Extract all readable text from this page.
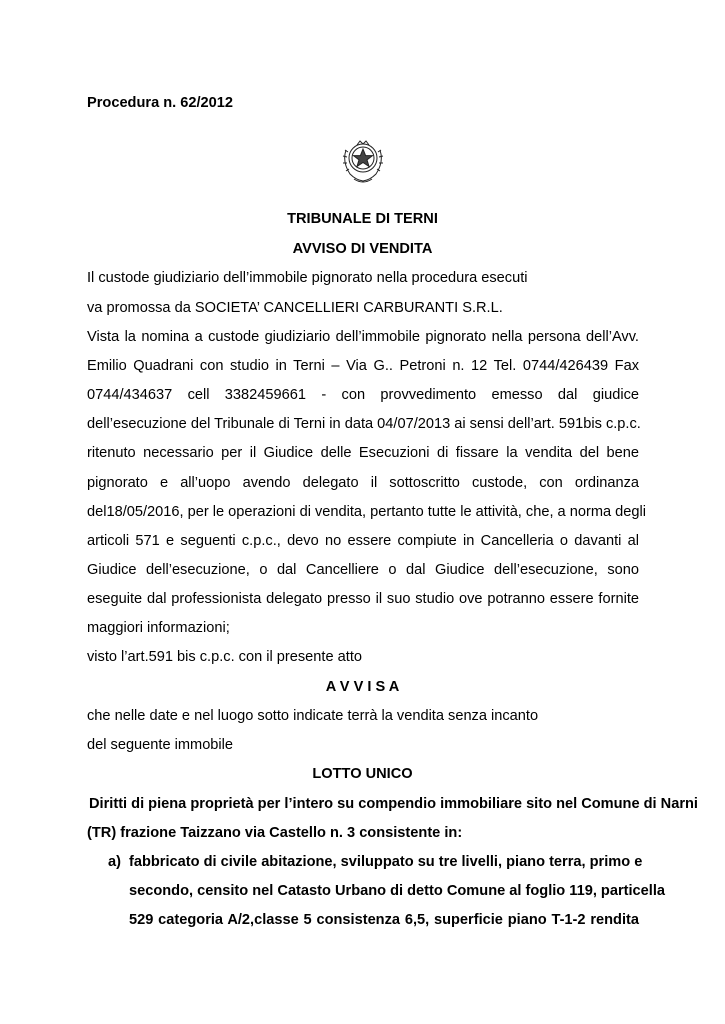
Procedura n. 62/2012
TRIBUNALE DI TERNI
AVVISO DI VENDITA
Il custode giudiziario dell’immobile pignorato nella procedura esecuti
va promossa da SOCIETA’ CANCELLIERI CARBURANTI S.R.L.
Vista la nomina a custode giudiziario dell’immobile pignorato nella persona dell’Avv.
Emilio Quadrani con studio in Terni – Via G.. Petroni n. 12 Tel. 0744/426439 Fax
0744/434637 cell 3382459661 - con provvedimento emesso dal giudice
dell’esecuzione del Tribunale di Terni in data 04/07/2013 ai sensi dell’art. 591bis c.p.c.
ritenuto necessario per il Giudice delle Esecuzioni di fissare la vendita del bene
pignorato e all’uopo avendo delegato il sottoscritto custode, con ordinanza
del18/05/2016, per le operazioni di vendita, pertanto tutte le attività, che, a norma degli
articoli 571 e seguenti c.p.c., devo no essere compiute in Cancelleria o davanti al
Giudice dell’esecuzione, o dal Cancelliere o dal Giudice dell’esecuzione, sono
eseguite dal professionista delegato presso il suo studio ove potranno essere fornite
maggiori informazioni;
visto l’art.591 bis c.p.c. con il presente atto
A V V I S A
che nelle date e nel luogo sotto indicate terrà la vendita senza incanto
del seguente immobile
LOTTO UNICO
Diritti di piena proprietà per l’intero su compendio immobiliare sito nel Comune di Narni
(TR) frazione Taizzano via Castello n. 3 consistente in:
a) fabbricato di civile abitazione, sviluppato su tre livelli, piano terra, primo e
secondo, censito nel Catasto Urbano di detto Comune al foglio 119, particella
529 categoria A/2,classe 5 consistenza 6,5, superficie piano T-1-2 rendita
